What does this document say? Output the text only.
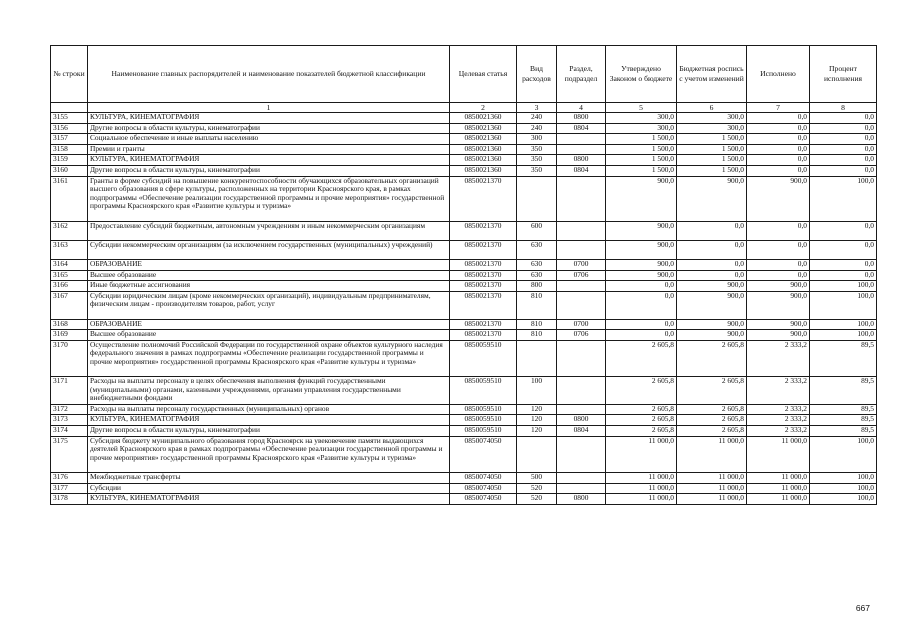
№ строки	Наименование главных распорядителей и наименование показателей бюджетной классификации	Целевая статья	Вид расходов	Раздел, подраздел	Утверждено Законом о бюджете	Бюджетная роспись с учетом изменений	Исполнено	Процент исполнения
	1	2	3	4	5	6	7	8
3155	КУЛЬТУРА, КИНЕМАТОГРАФИЯ	0850021360	240	0800	300,0	300,0	0,0	0,0
3156	Другие вопросы в области культуры, кинематографии	0850021360	240	0804	300,0	300,0	0,0	0,0
3157	Социальное обеспечение и иные выплаты населению	0850021360	300		1 500,0	1 500,0	0,0	0,0
3158	Премии и гранты	0850021360	350		1 500,0	1 500,0	0,0	0,0
3159	КУЛЬТУРА, КИНЕМАТОГРАФИЯ	0850021360	350	0800	1 500,0	1 500,0	0,0	0,0
3160	Другие вопросы в области культуры, кинематографии	0850021360	350	0804	1 500,0	1 500,0	0,0	0,0
3161	Гранты в форме субсидий на повышение конкурентоспособности обучающихся образовательных организаций высшего образования в сфере культуры, расположенных на территории Красноярского края, в рамках подпрограммы «Обеспечение реализации государственной программы и прочие мероприятия» государственной программы Красноярского края «Развитие культуры и туризма»	0850021370			900,0	900,0	900,0	100,0
3162	Предоставление субсидий бюджетным, автономным учреждениям и иным некоммерческим организациям	0850021370	600		900,0	0,0	0,0	0,0
3163	Субсидии некоммерческим организациям (за исключением государственных (муниципальных) учреждений)	0850021370	630		900,0	0,0	0,0	0,0
3164	ОБРАЗОВАНИЕ	0850021370	630	0700	900,0	0,0	0,0	0,0
3165	Высшее образование	0850021370	630	0706	900,0	0,0	0,0	0,0
3166	Иные бюджетные ассигнования	0850021370	800		0,0	900,0	900,0	100,0
3167	Субсидии юридическим лицам (кроме некоммерческих организаций), индивидуальным предпринимателям, физическим лицам - производителям товаров, работ, услуг	0850021370	810		0,0	900,0	900,0	100,0
3168	ОБРАЗОВАНИЕ	0850021370	810	0700	0,0	900,0	900,0	100,0
3169	Высшее образование	0850021370	810	0706	0,0	900,0	900,0	100,0
3170	Осуществление полномочий Российской Федерации по государственной охране объектов культурного наследия федерального значения в рамках подпрограммы «Обеспечение реализации государственной программы и прочие мероприятия» государственной программы Красноярского края «Развитие культуры и туризма»	0850059510			2 605,8	2 605,8	2 333,2	89,5
3171	Расходы на выплаты персоналу в целях обеспечения выполнения функций государственными (муниципальными) органами, казенными учреждениями, органами управления государственными внебюджетными фондами	0850059510	100		2 605,8	2 605,8	2 333,2	89,5
3172	Расходы на выплаты персоналу государственных (муниципальных) органов	0850059510	120		2 605,8	2 605,8	2 333,2	89,5
3173	КУЛЬТУРА, КИНЕМАТОГРАФИЯ	0850059510	120	0800	2 605,8	2 605,8	2 333,2	89,5
3174	Другие вопросы в области культуры, кинематографии	0850059510	120	0804	2 605,8	2 605,8	2 333,2	89,5
3175	Субсидия бюджету муниципального образования город Красноярск на увековечение памяти выдающихся деятелей Красноярского края в рамках подпрограммы «Обеспечение реализации государственной программы и прочие мероприятия» государственной программы Красноярского края «Развитие культуры и туризма»	0850074050			11 000,0	11 000,0	11 000,0	100,0
3176	Межбюджетные трансферты	0850074050	500		11 000,0	11 000,0	11 000,0	100,0
3177	Субсидии	0850074050	520		11 000,0	11 000,0	11 000,0	100,0
3178	КУЛЬТУРА, КИНЕМАТОГРАФИЯ	0850074050	520	0800	11 000,0	11 000,0	11 000,0	100,0
667
